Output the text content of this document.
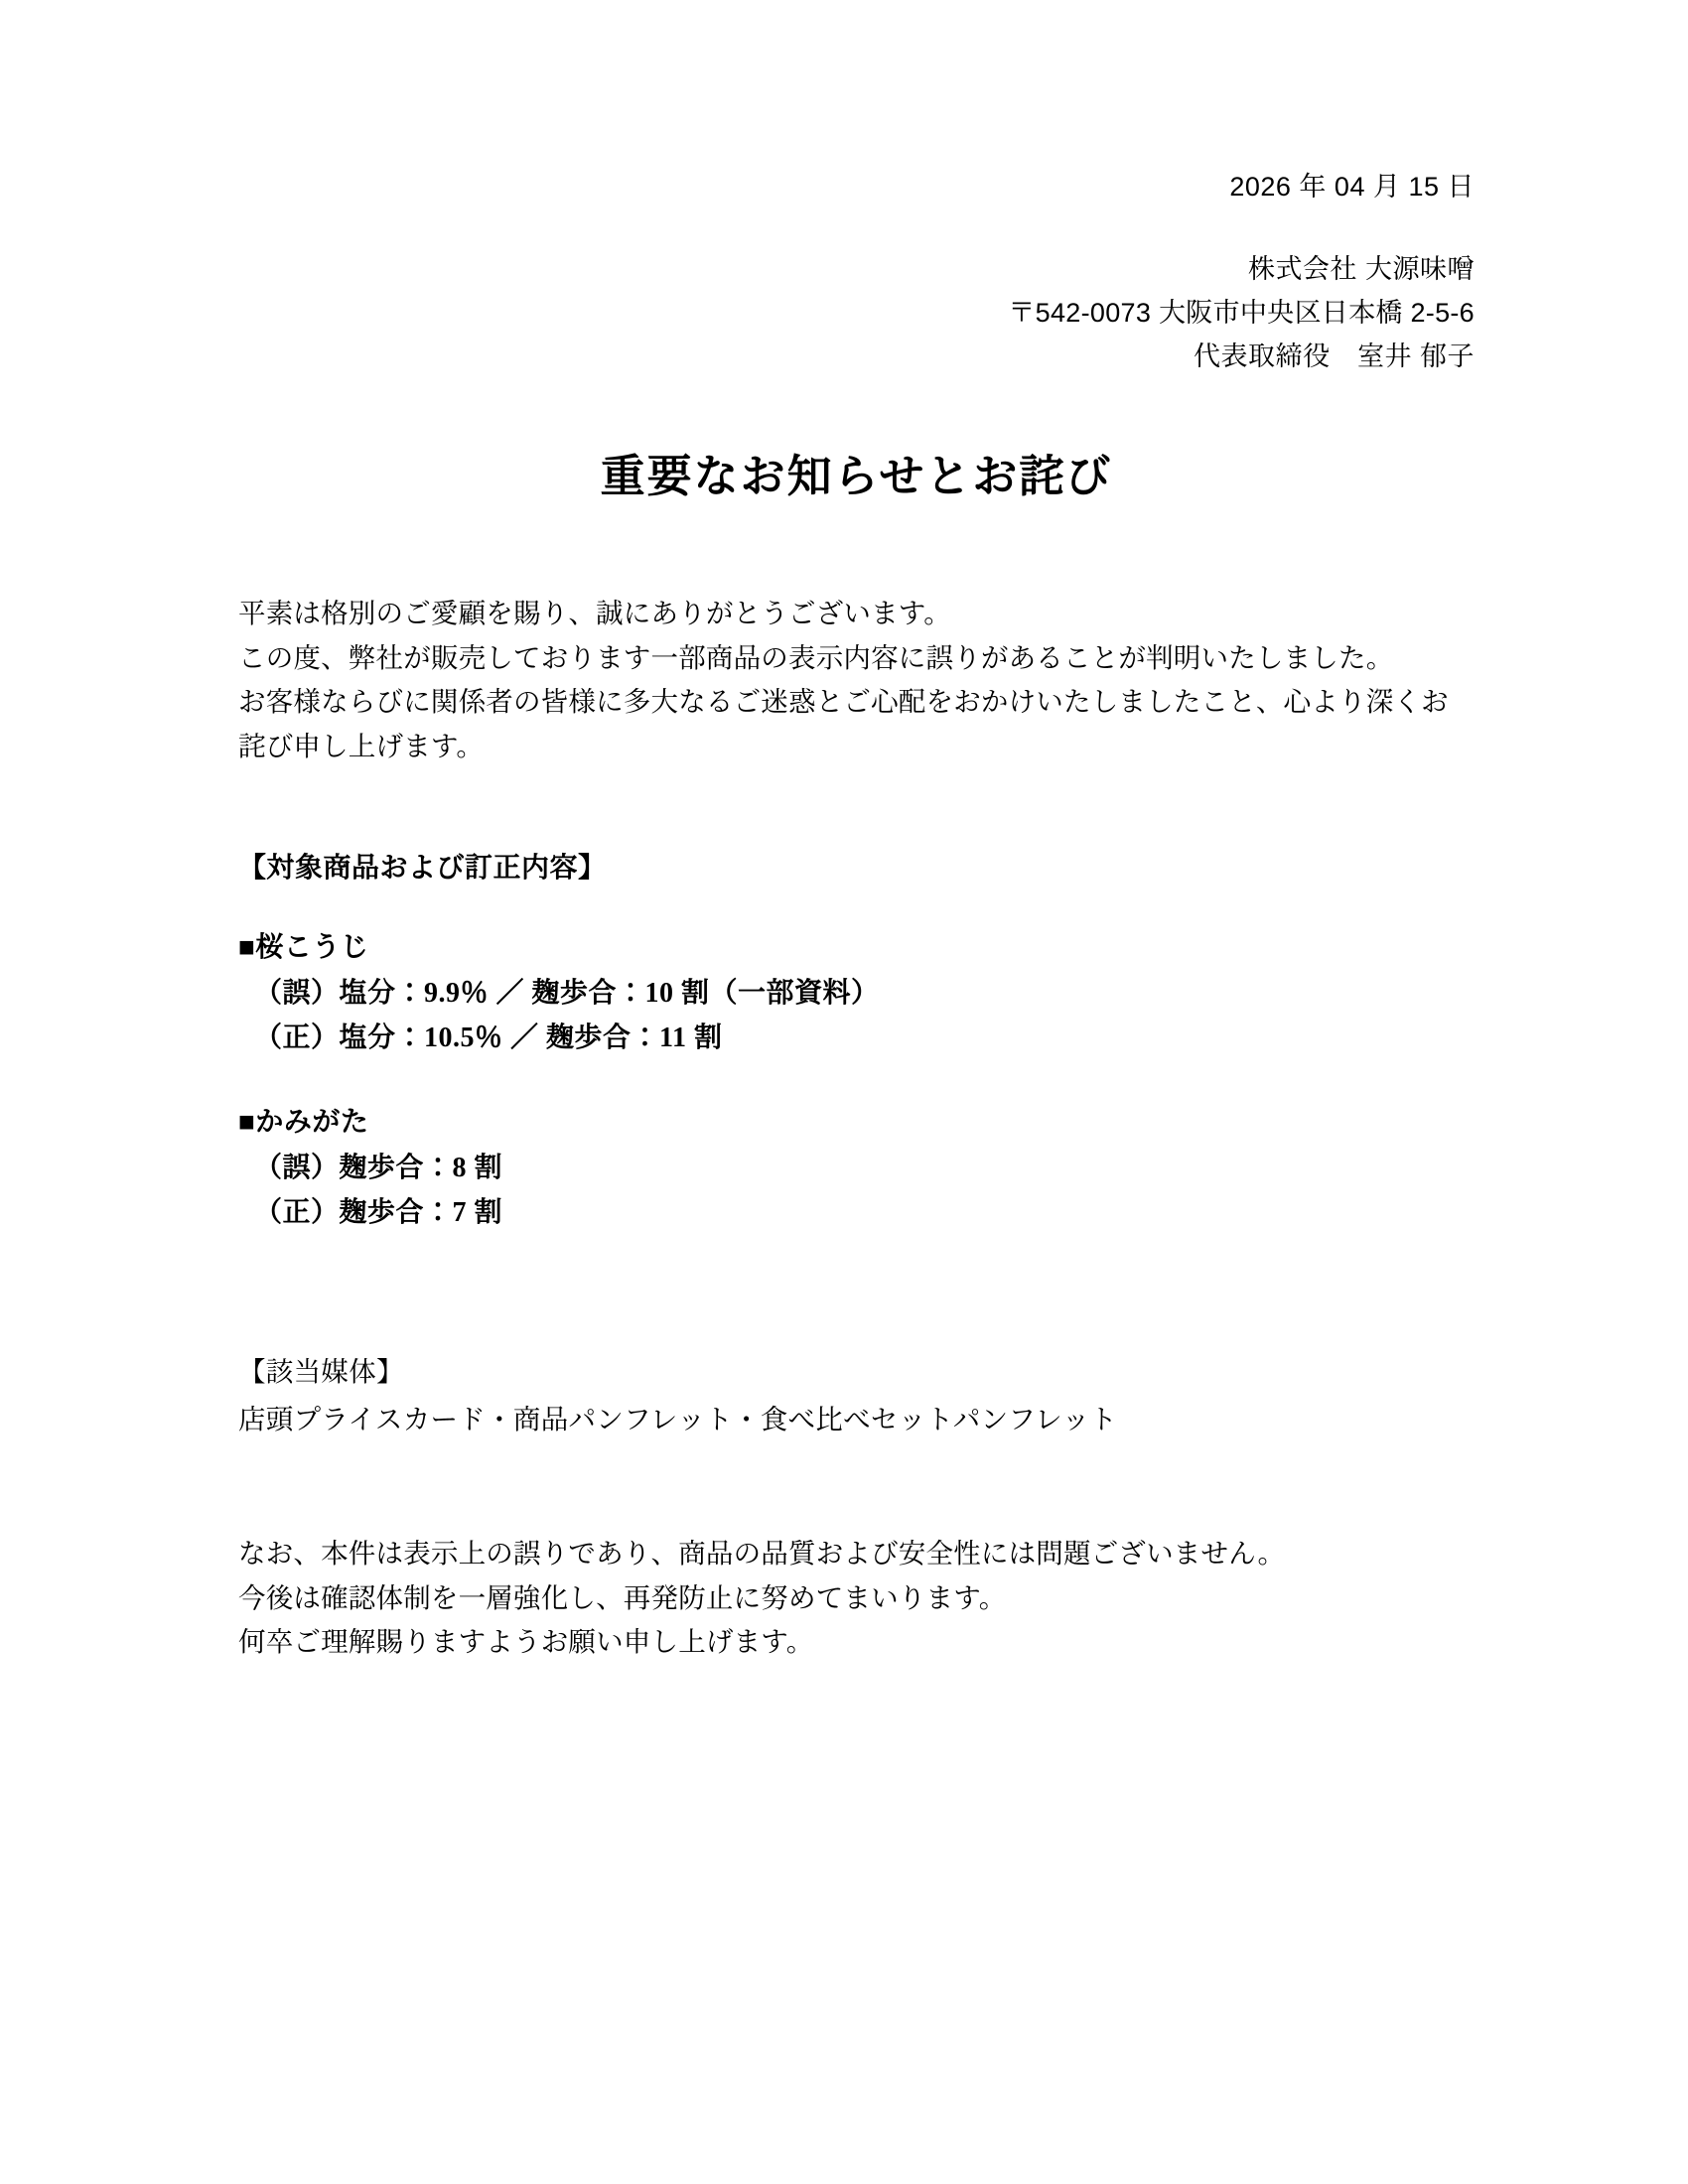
2026 年 04 月 15 日
株式会社 大源味噌
〒542-0073 大阪市中央区日本橋 2-5-6
代表取締役　室井 郁子
重要なお知らせとお詫び

平素は格別のご愛顧を賜り、誠にありがとうございます。

この度、弊社が販売しております一部商品の表示内容に誤りがあることが判明いたしました。

お客様ならびに関係者の皆様に多大なるご迷惑とご心配をおかけいたしましたこと、心より深くお詫び申し上げます。

【対象商品および訂正内容】

■桜こうじ

（誤）塩分：9.9％ ／ 麹歩合：10 割（一部資料）

（正）塩分：10.5％ ／ 麹歩合：11 割

■かみがた

（誤）麹歩合：8 割

（正）麹歩合：7 割

【該当媒体】
店頭プライスカード・商品パンフレット・食べ比べセットパンフレット

なお、本件は表示上の誤りであり、商品の品質および安全性には問題ございません。

今後は確認体制を一層強化し、再発防止に努めてまいります。

何卒ご理解賜りますようお願い申し上げます。
